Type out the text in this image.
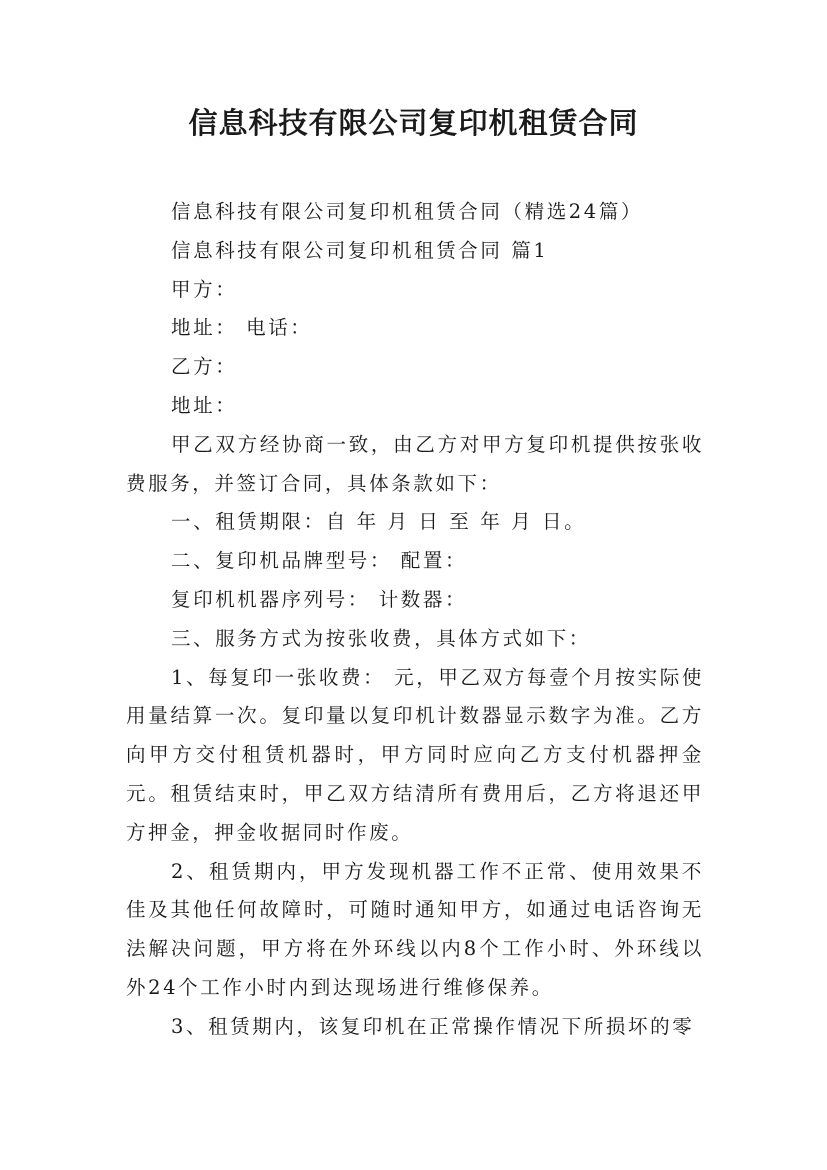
信息科技有限公司复印机租赁合同

信息科技有限公司复印机租赁合同（精选24篇）

信息科技有限公司复印机租赁合同 篇1

甲方：

地址： 电话：

乙方：

地址：

甲乙双方经协商一致，由乙方对甲方复印机提供按张收费服务，并签订合同，具体条款如下：

一、租赁期限：自 年 月 日 至 年 月 日。

二、复印机品牌型号： 配置：

复印机机器序列号： 计数器：

三、服务方式为按张收费，具体方式如下：

1、每复印一张收费： 元，甲乙双方每壹个月按实际使用量结算一次。复印量以复印机计数器显示数字为准。乙方向甲方交付租赁机器时，甲方同时应向乙方支付机器押金 元。租赁结束时，甲乙双方结清所有费用后，乙方将退还甲方押金，押金收据同时作废。

2、租赁期内，甲方发现机器工作不正常、使用效果不佳及其他任何故障时，可随时通知甲方，如通过电话咨询无法解决问题，甲方将在外环线以内8个工作小时、外环线以外24个工作小时内到达现场进行维修保养。

3、租赁期内，该复印机在正常操作情况下所损坏的零
